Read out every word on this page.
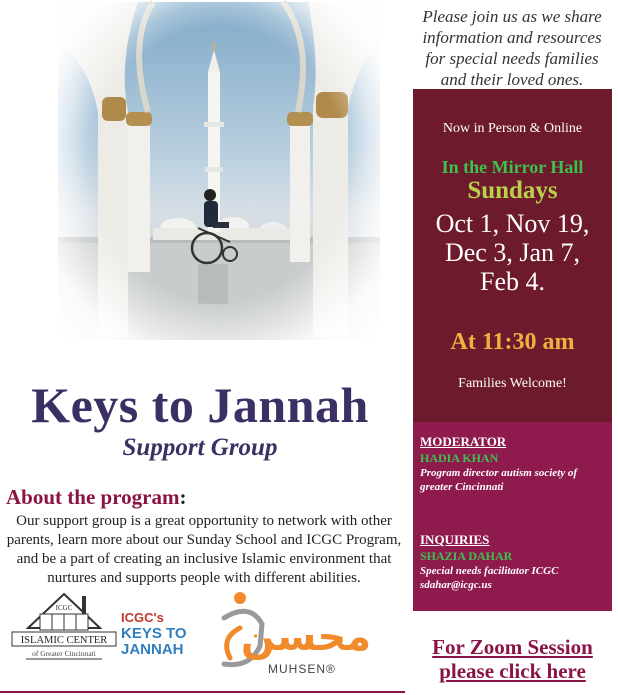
Keys to Jannah
Support Group
About the program:
Our support group is a great opportunity to network with other
parents, learn more about our Sunday School and ICGC Program,
and be a part of creating an inclusive Islamic environment that
nurtures and supports people with different abilities.
ICGC
ISLAMIC CENTER
of Greater Cincinnati
ICGC's
KEYS TO
JANNAH محسن
MUHSEN®
Please join us as we share
information and resources
for special needs families
and their loved ones.
Now in Person & Online
In the Mirror Hall
Sundays
Oct 1, Nov 19,
Dec 3, Jan 7,
Feb 4.
At 11:30 am
Families Welcome!
MODERATOR
HADIA KHAN
Program director autism society of
greater Cincinnati
INQUIRIES
SHAZIA DAHAR
Special needs facilitator ICGC
sdahar@icgc.us
For Zoom Session
please click here
